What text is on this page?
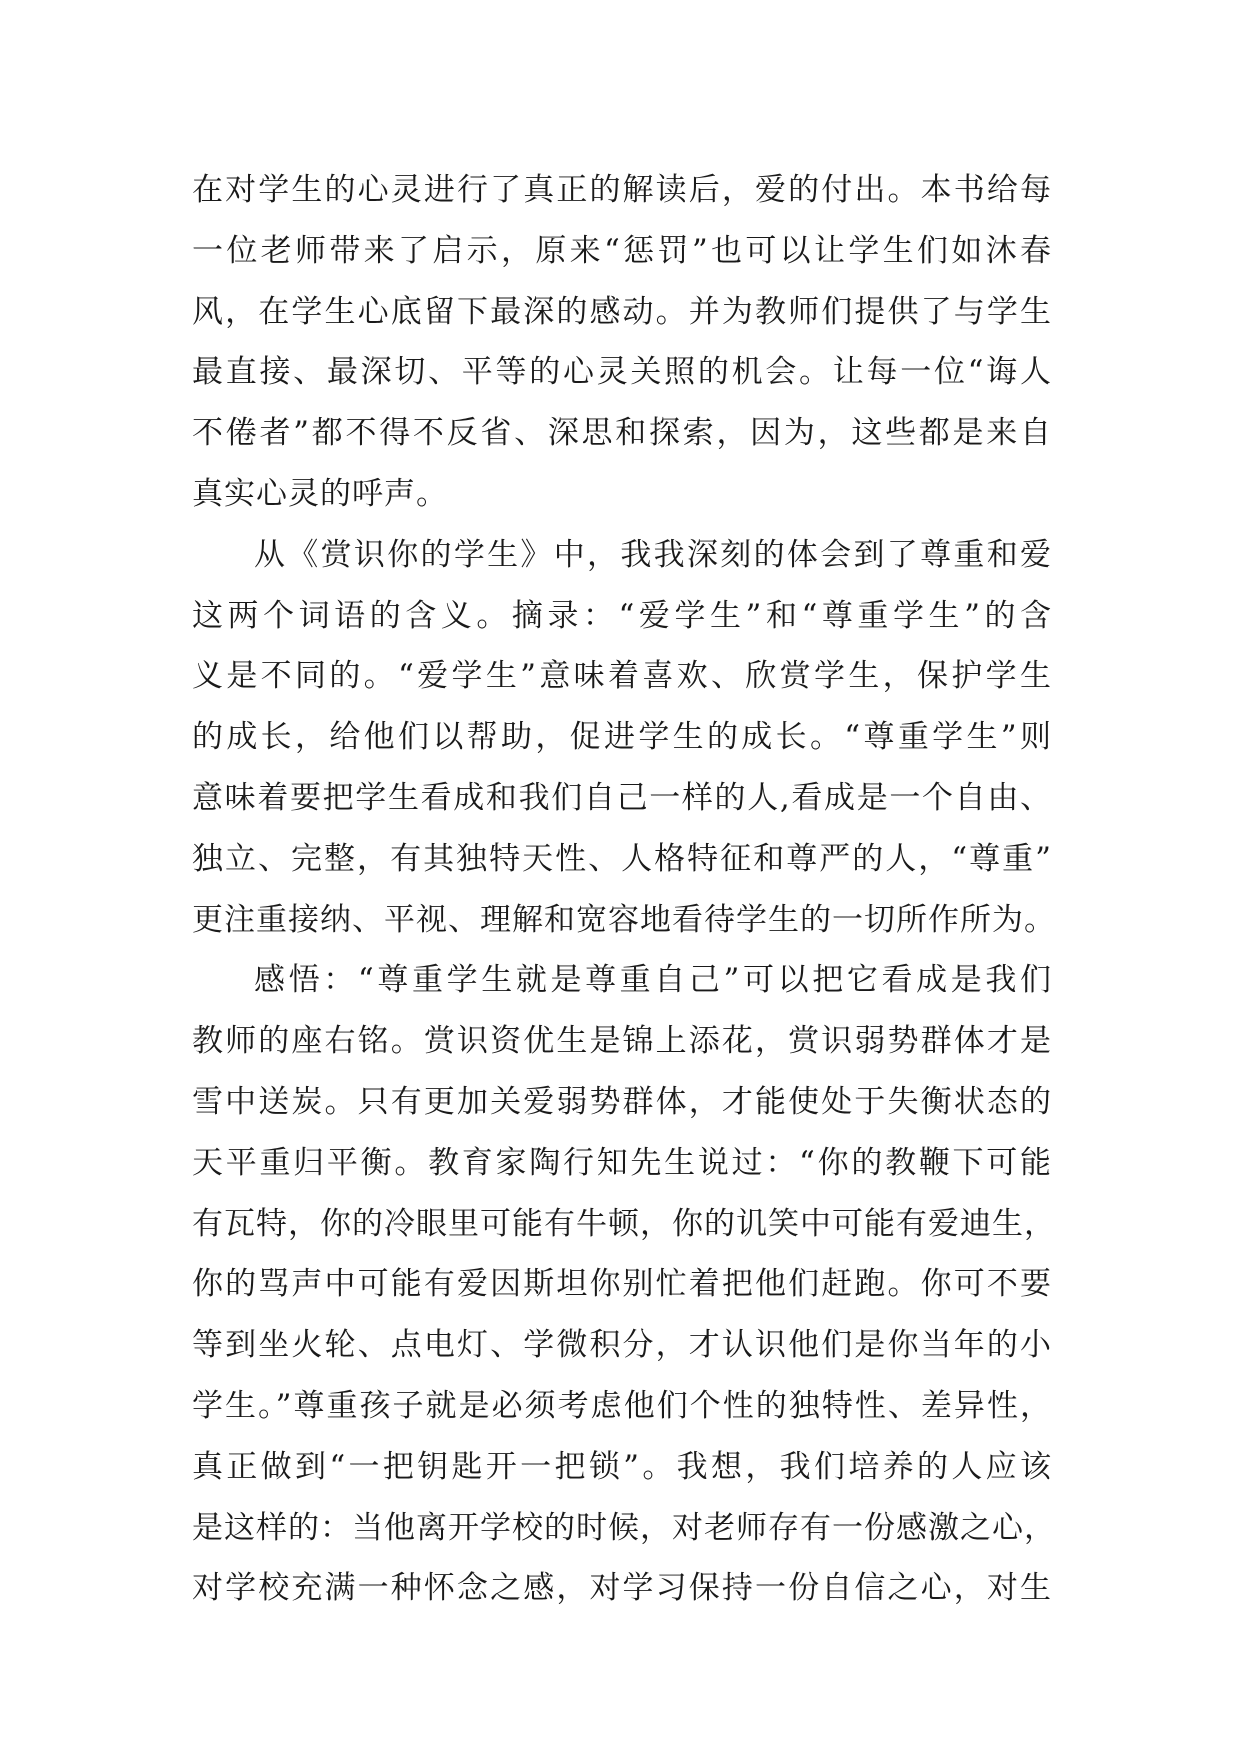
在对学生的心灵进行了真正的解读后，爱的付出。本书给每
一位老师带来了启示，原来“惩罚”也可以让学生们如沐春
风，在学生心底留下最深的感动。并为教师们提供了与学生
最直接、最深切、平等的心灵关照的机会。让每一位“诲人
不倦者”都不得不反省、深思和探索，因为，这些都是来自
真实心灵的呼声。
从《赏识你的学生》中，我我深刻的体会到了尊重和爱
这两个词语的含义。摘录：“爱学生”和“尊重学生”的含
义是不同的。“爱学生”意味着喜欢、欣赏学生，保护学生
的成长，给他们以帮助，促进学生的成长。“尊重学生”则
意味着要把学生看成和我们自己一样的人,看成是一个自由、
独立、完整，有其独特天性、人格特征和尊严的人，“尊重”
更注重接纳、平视、理解和宽容地看待学生的一切所作所为。
感悟：“尊重学生就是尊重自己”可以把它看成是我们
教师的座右铭。赏识资优生是锦上添花，赏识弱势群体才是
雪中送炭。只有更加关爱弱势群体，才能使处于失衡状态的
天平重归平衡。教育家陶行知先生说过：“你的教鞭下可能
有瓦特，你的冷眼里可能有牛顿，你的讥笑中可能有爱迪生，
你的骂声中可能有爱因斯坦你别忙着把他们赶跑。你可不要
等到坐火轮、点电灯、学微积分，才认识他们是你当年的小
学生。”尊重孩子就是必须考虑他们个性的独特性、差异性，
真正做到“一把钥匙开一把锁”。我想，我们培养的人应该
是这样的：当他离开学校的时候，对老师存有一份感激之心，
对学校充满一种怀念之感，对学习保持一份自信之心，对生
